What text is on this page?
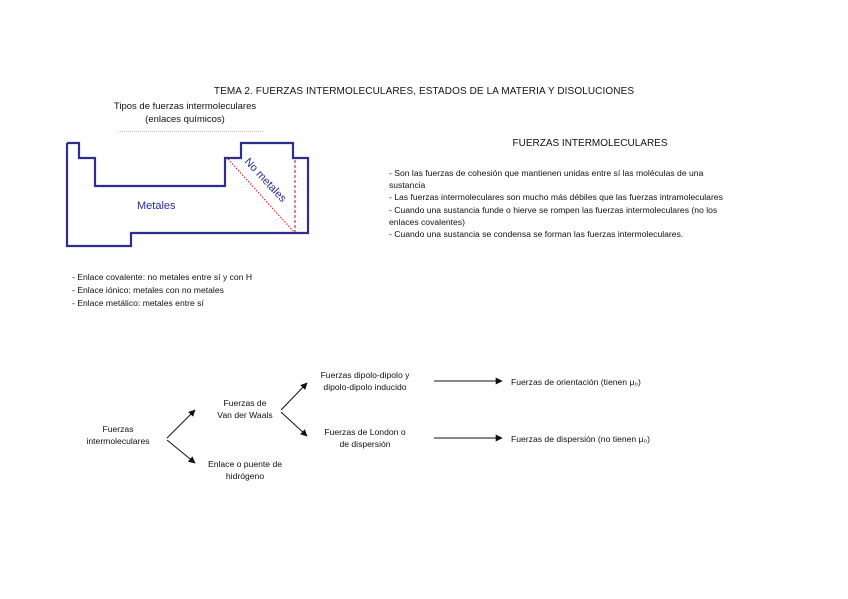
TEMA 2. FUERZAS INTERMOLECULARES, ESTADOS DE LA MATERIA Y DISOLUCIONES
Tipos de fuerzas intermoleculares
(enlaces químicos)
Metales
No metales
- Enlace covalente: no metales entre sí y con H
- Enlace iónico: metales con no metales
- Enlace metálico: metales entre sí
FUERZAS INTERMOLECULARES
- Son las fuerzas de cohesión que mantienen unidas entre sí las moléculas de una
sustancia
- Las fuerzas intermoleculares son mucho más débiles que las fuerzas intramoleculares
- Cuando una sustancia funde o hierve se rompen las fuerzas intermoleculares (no los
enlaces covalentes)
- Cuando una sustancia se condensa se forman las fuerzas intermoleculares.
Fuerzas
intermoleculares
Fuerzas de
Van der Waals
Enlace o puente de
hidrógeno
Fuerzas dipolo-dipolo y
dipolo-dipolo inducido
Fuerzas de London o
de dispersión
Fuerzas de orientación (tienen μ₀)
Fuerzas de dispersión (no tienen μ₀)
